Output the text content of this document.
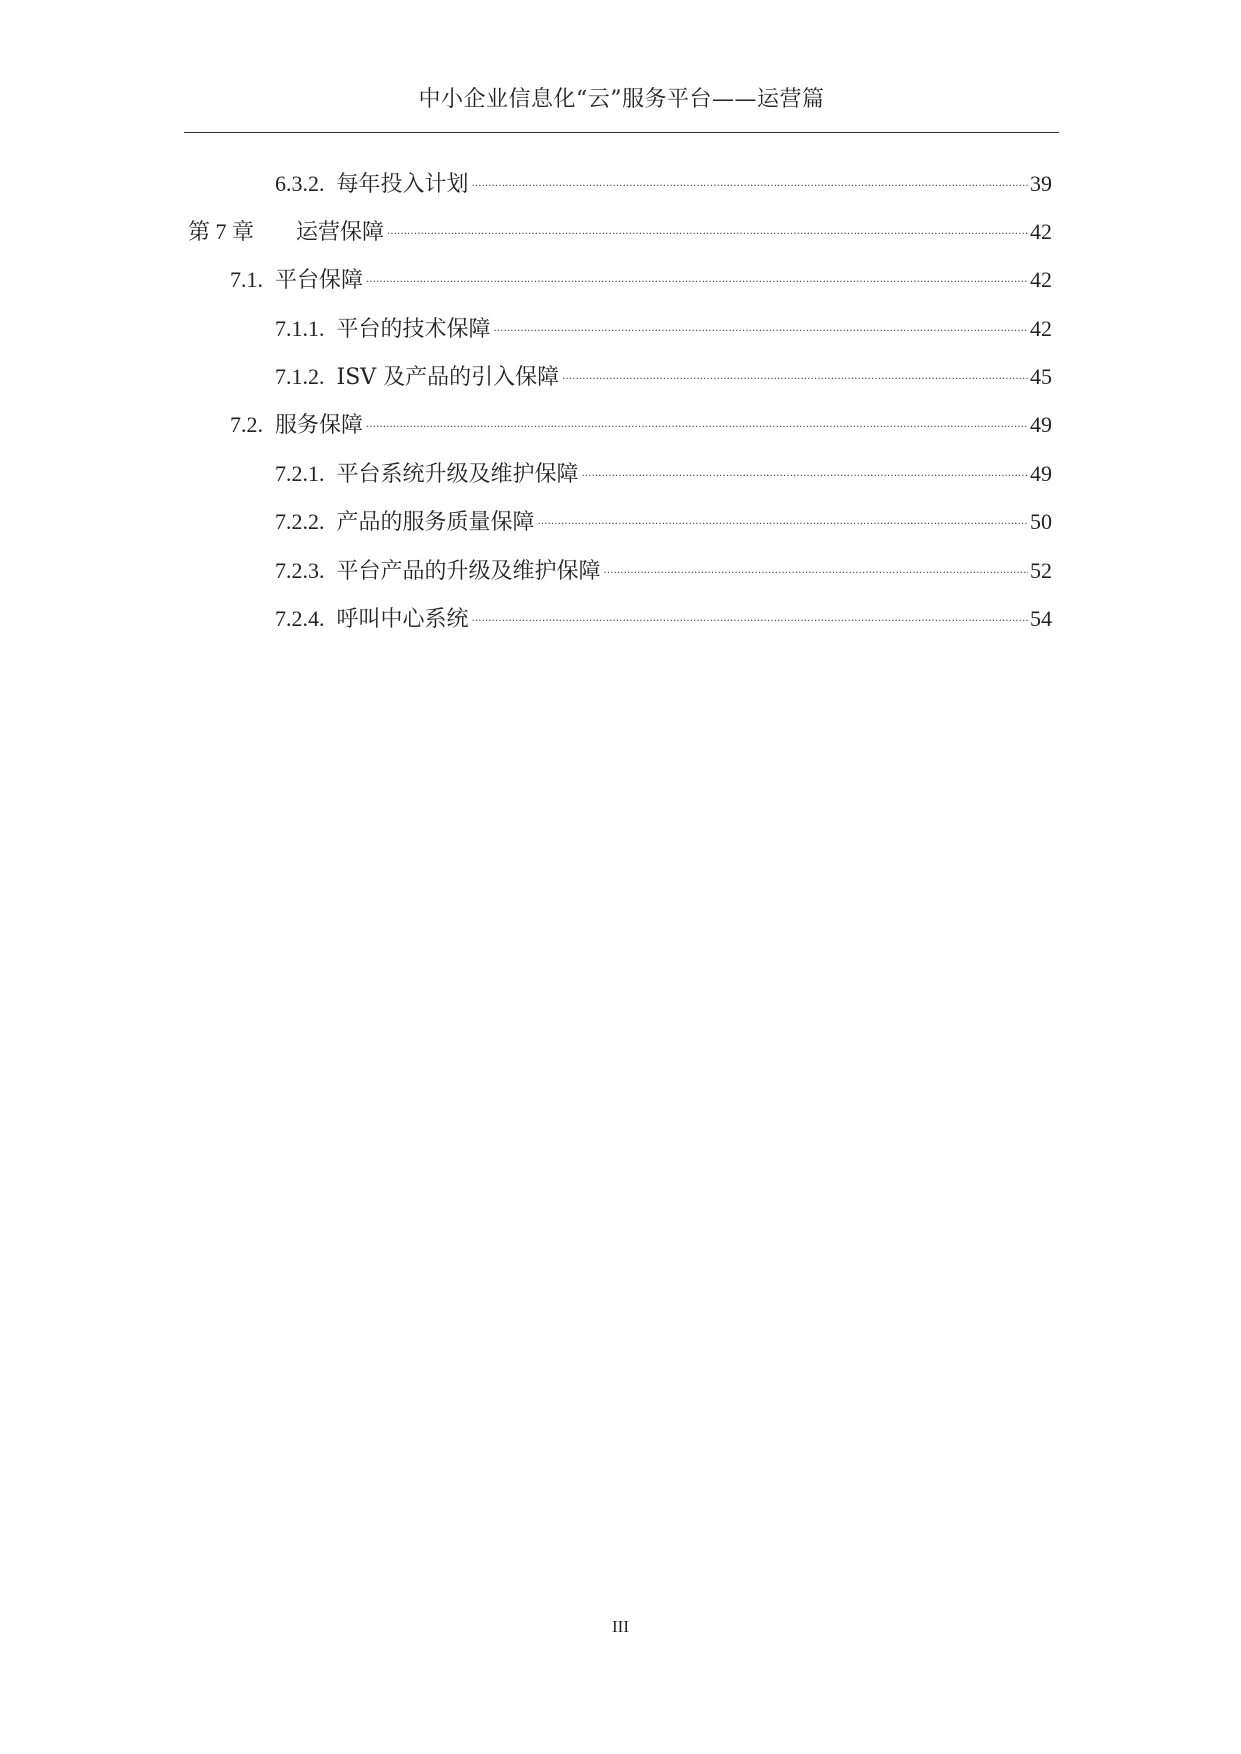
中小企业信息化“云”服务平台——运营篇
6.3.2. 每年投入计划 . . .	39
第 7 章	运营保障 . . .	42
7.1. 平台保障 . . .	42
7.1.1. 平台的技术保障 . . .	42
7.1.2. ISV 及产品的引入保障 . . .	45
7.2. 服务保障 . . .	49
7.2.1. 平台系统升级及维护保障 . . .	49
7.2.2. 产品的服务质量保障 . . .	50
7.2.3. 平台产品的升级及维护保障 . . .	52
7.2.4. 呼叫中心系统 . . .	54
III
